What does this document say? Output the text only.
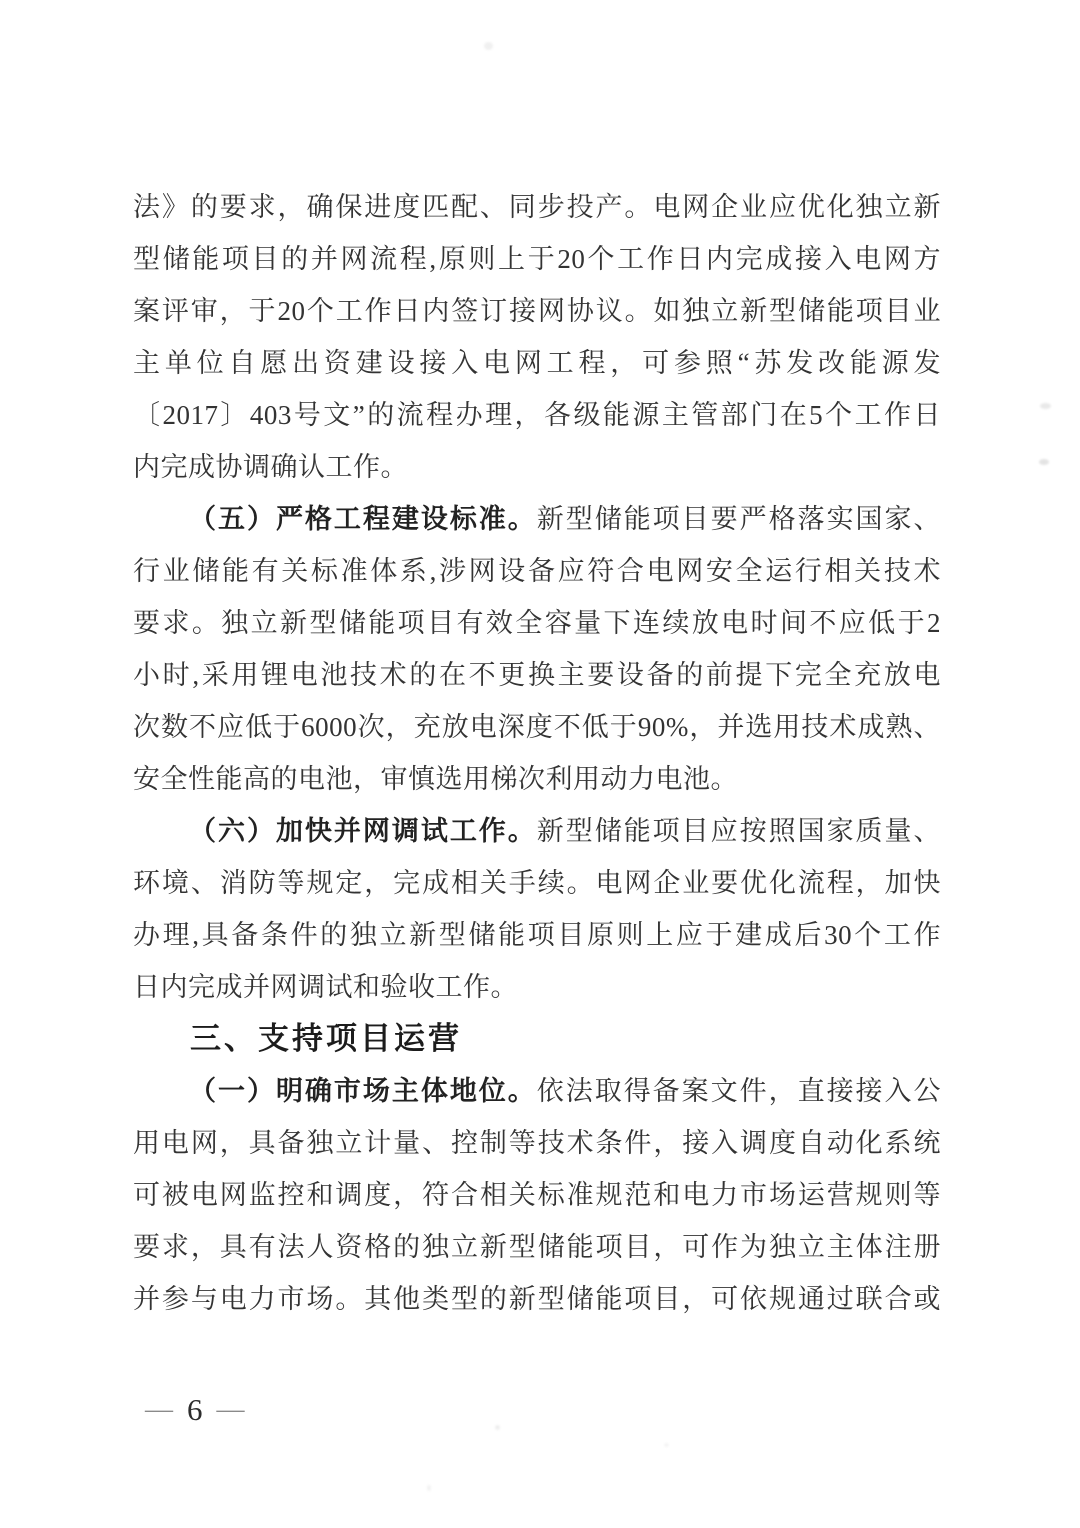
法》的要求，确保进度匹配、同步投产。电网企业应优化独立新
型储能项目的并网流程,原则上于20个工作日内完成接入电网方
案评审，于20个工作日内签订接网协议。如独立新型储能项目业
主单位自愿出资建设接入电网工程，可参照“苏发改能源发
〔2017〕403号文”的流程办理，各级能源主管部门在5个工作日
内完成协调确认工作。
（五）严格工程建设标准。新型储能项目要严格落实国家、
行业储能有关标准体系,涉网设备应符合电网安全运行相关技术
要求。独立新型储能项目有效全容量下连续放电时间不应低于2
小时,采用锂电池技术的在不更换主要设备的前提下完全充放电
次数不应低于6000次，充放电深度不低于90%，并选用技术成熟、
安全性能高的电池，审慎选用梯次利用动力电池。
（六）加快并网调试工作。新型储能项目应按照国家质量、
环境、消防等规定，完成相关手续。电网企业要优化流程，加快
办理,具备条件的独立新型储能项目原则上应于建成后30个工作
日内完成并网调试和验收工作。
三、支持项目运营
（一）明确市场主体地位。依法取得备案文件，直接接入公
用电网，具备独立计量、控制等技术条件，接入调度自动化系统
可被电网监控和调度，符合相关标准规范和电力市场运营规则等
要求，具有法人资格的独立新型储能项目，可作为独立主体注册
并参与电力市场。其他类型的新型储能项目，可依规通过联合或
— 6 —
